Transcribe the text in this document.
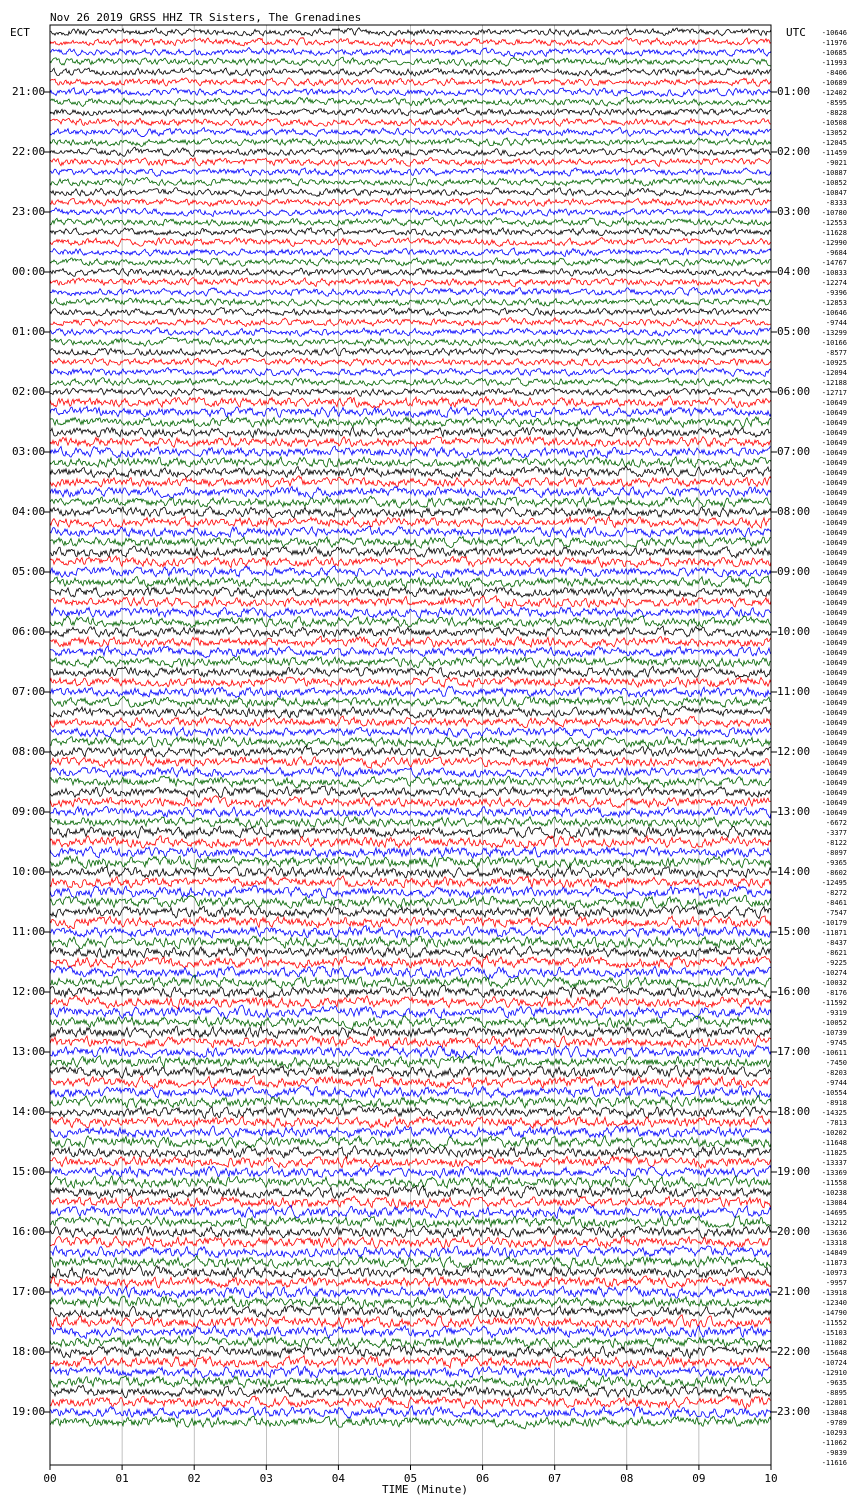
Nov 26 2019 GRSS HHZ TR Sisters, The Grenadines
ECT	UTC
21:00
22:00
23:00
00:00
01:00
02:00
03:00
04:00
05:00
06:00
07:00
08:00
09:00
10:00
11:00
12:00
13:00
14:00
15:00
16:00
17:00
18:00
19:00
01:00
02:00
03:00
04:00
05:00
06:00
07:00
08:00
09:00
10:00
11:00
12:00
13:00
14:00
15:00
16:00
17:00
18:00
19:00
20:00
21:00
22:00
23:00
-10646
-11976
-10685
-11993
-8406
-10689
-12402
-8595
-8828
-10508
-13052
-12045
-11459
-9021
-10887
-10852
-10847
-8333
-10780
-12553
-11628
-12990
-9684
-14767
-10833
-12274
-9396
-12853
-10646
-9744
-13299
-10166
-8577
-10925
-12094
-12188
-12717
-10649
-10649
-10649
-10649
-10649
-10649
-10649
-10649
-10649
-10649
-10649
-10649
-10649
-10649
-10649
-10649
-10649
-10649
-10649
-10649
-10649
-10649
-10649
-10649
-10649
-10649
-10649
-10649
-10649
-10649
-10649
-10649
-10649
-10649
-10649
-10649
-10649
-10649
-10649
-10649
-10649
-10649
-6672
-3377
-8122
-8097
-9365
-8602
-12495
-8272
-8461
-7547
-10179
-11871
-8437
-8621
-9225
-10274
-10032
-8176
-11592
-9319
-10052
-10739
-9745
-10611
-7450
-8203
-9744
-10554
-8918
-14325
-7813
-10202
-11648
-11825
-13337
-13369
-11558
-10238
-13084
-14695
-13212
-13636
-13318
-14849
-11873
-10973
-9957
-13918
-12340
-14790
-11552
-15103
-11082
-15648
-10724
-12910
-9635
-8895
-12801
-13848
-9789
-10293
-11062
-9839
-11616
00	01	02	03	04	05	06	07	08	09	10
TIME (Minute)
